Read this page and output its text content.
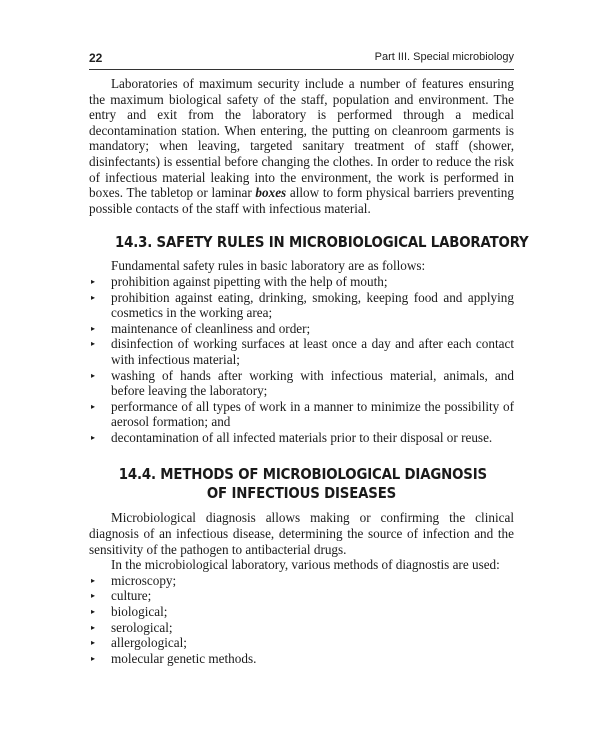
22	Part III. Special microbiology

Laboratories of maximum security include a number of features ensuring the maximum biological safety of the staff, population and environment. The entry and exit from the laboratory is performed through a medical decontamination station. When entering, the putting on cleanroom garments is mandatory; when leaving, targeted sanitary treatment of staff (shower, disinfectants) is essential before changing the clothes. In order to reduce the risk of infectious material leaking into the environment, the work is performed in boxes. The tabletop or laminar boxes allow to form physical barriers preventing possible contacts of the staff with infectious material.

14.3. SAFETY RULES IN MICROBIOLOGICAL LABORATORY

Fundamental safety rules in basic laboratory are as follows:

▸ prohibition against pipetting with the help of mouth;
▸ prohibition against eating, drinking, smoking, keeping food and applying cosmetics in the working area;
▸ maintenance of cleanliness and order;
▸ disinfection of working surfaces at least once a day and after each contact with infectious material;
▸ washing of hands after working with infectious material, animals, and before leaving the laboratory;
▸ performance of all types of work in a manner to minimize the possibility of aerosol formation; and
▸ decontamination of all infected materials prior to their disposal or reuse.
14.4. METHODS OF MICROBIOLOGICAL DIAGNOSIS
OF INFECTIOUS DISEASES

Microbiological diagnosis allows making or confirming the clinical diagnosis of an infectious disease, determining the source of infection and the sensitivity of the pathogen to antibacterial drugs.

In the microbiological laboratory, various methods of diagnostis are used:

▸ microscopy;
▸ culture;
▸ biological;
▸ serological;
▸ allergological;
▸ molecular genetic methods.
